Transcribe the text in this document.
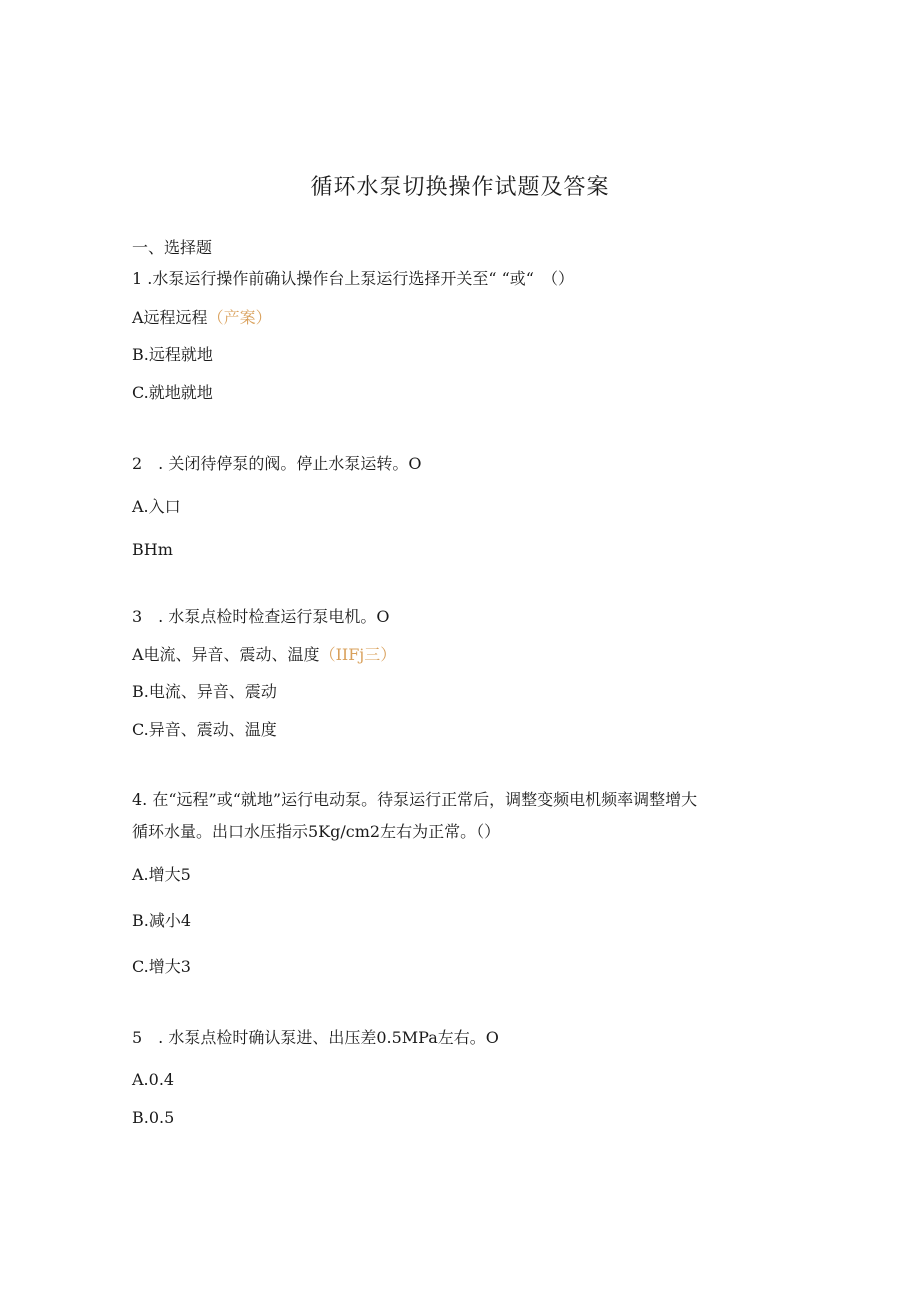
循环水泵切换操作试题及答案
一、选择题
1 .水泵运行操作前确认操作台上泵运行选择开关至“ “或“　（）
A远程远程（产案）
B.远程就地
C.就地就地
2　. 关闭待停泵的阀。停止水泵运转。O
A.入口
BHm
3　. 水泵点检时检查运行泵电机。O
A电流、异音、震动、温度（IIFj三）
B.电流、异音、震动
C.异音、震动、温度
4. 在“远程”或“就地”运行电动泵。待泵运行正常后，调整变频电机频率调整增大
循环水量。出口水压指示5Kg∕cm2左右为正常。（）
A.增大5
B.减小4
C.增大3
5　. 水泵点检时确认泵进、出压差0.5MPa左右。O
A.0.4
B.0.5
